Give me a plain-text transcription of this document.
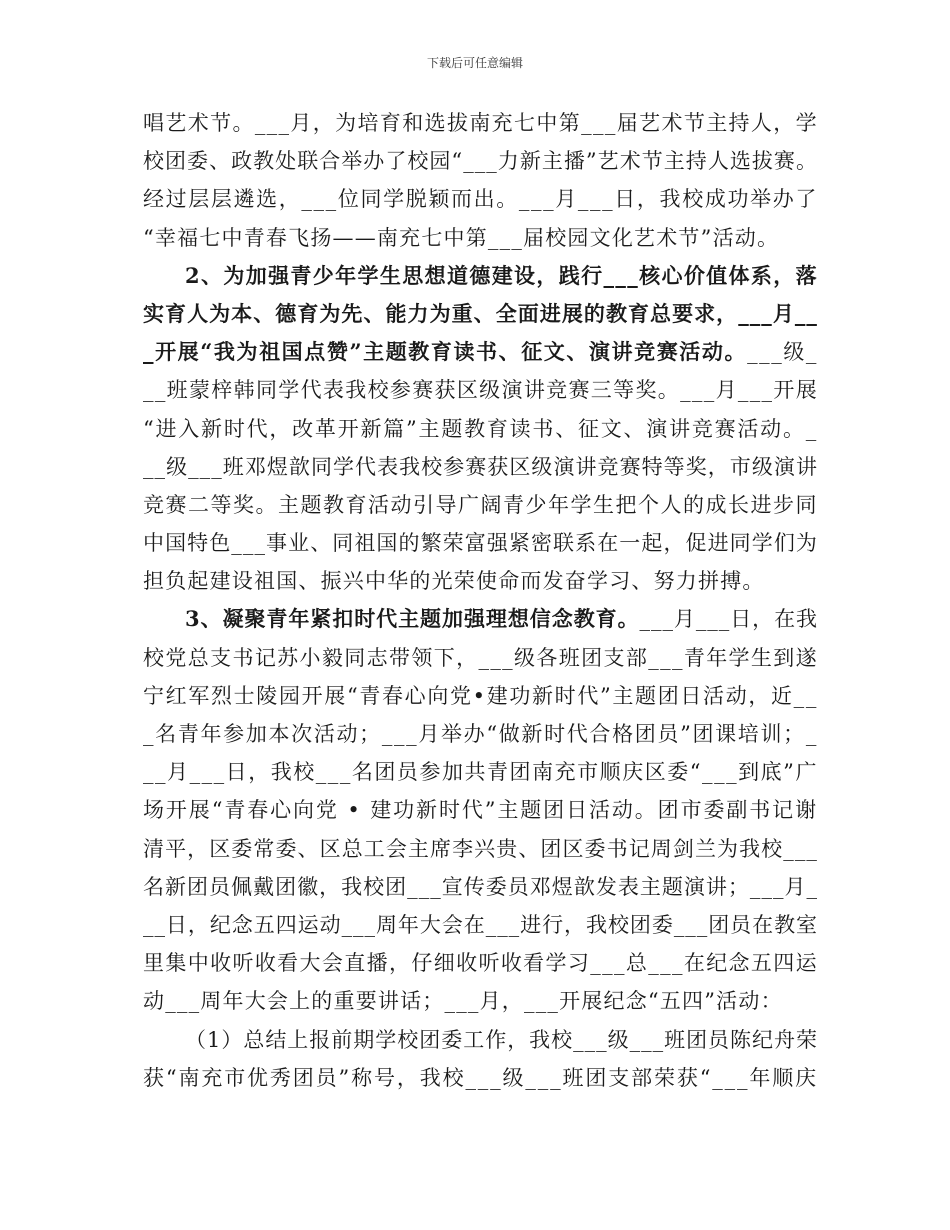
下载后可任意编辑
唱艺术节。___月，为培育和选拔南充七中第___届艺术节主持人，学
校团委、政教处联合举办了校园“___力新主播”艺术节主持人选拔赛。
经过层层遴选，___位同学脱颖而出。___月___日，我校成功举办了
“幸福七中青春飞扬——南充七中第___届校园文化艺术节”活动。
2、为加强青少年学生思想道德建设，践行___核心价值体系，落
实育人为本、德育为先、能力为重、全面进展的教育总要求，___月__
_开展“我为祖国点赞”主题教育读书、征文、演讲竞赛活动。___级_
__班蒙梓韩同学代表我校参赛获区级演讲竞赛三等奖。___月___开展
“进入新时代，改革开新篇”主题教育读书、征文、演讲竞赛活动。_
__级___班邓煜歆同学代表我校参赛获区级演讲竞赛特等奖，市级演讲
竞赛二等奖。主题教育活动引导广阔青少年学生把个人的成长进步同
中国特色___事业、同祖国的繁荣富强紧密联系在一起，促进同学们为
担负起建设祖国、振兴中华的光荣使命而发奋学习、努力拼搏。
3、凝聚青年紧扣时代主题加强理想信念教育。___月___日，在我
校党总支书记苏小毅同志带领下，___级各班团支部___青年学生到遂
宁红军烈士陵园开展“青春心向党•建功新时代”主题团日活动，近__
_名青年参加本次活动；___月举办“做新时代合格团员”团课培训；_
__月___日，我校___名团员参加共青团南充市顺庆区委“___到底”广
场开展“青春心向党 • 建功新时代”主题团日活动。团市委副书记谢
清平，区委常委、区总工会主席李兴贵、团区委书记周剑兰为我校___
名新团员佩戴团徽，我校团___宣传委员邓煜歆发表主题演讲；___月_
__日，纪念五四运动___周年大会在___进行，我校团委___团员在教室
里集中收听收看大会直播，仔细收听收看学习___总___在纪念五四运
动___周年大会上的重要讲话；___月，___开展纪念“五四”活动：
（1）总结上报前期学校团委工作，我校___级___班团员陈纪舟荣
获“南充市优秀团员”称号，我校___级___班团支部荣获“___年顺庆
